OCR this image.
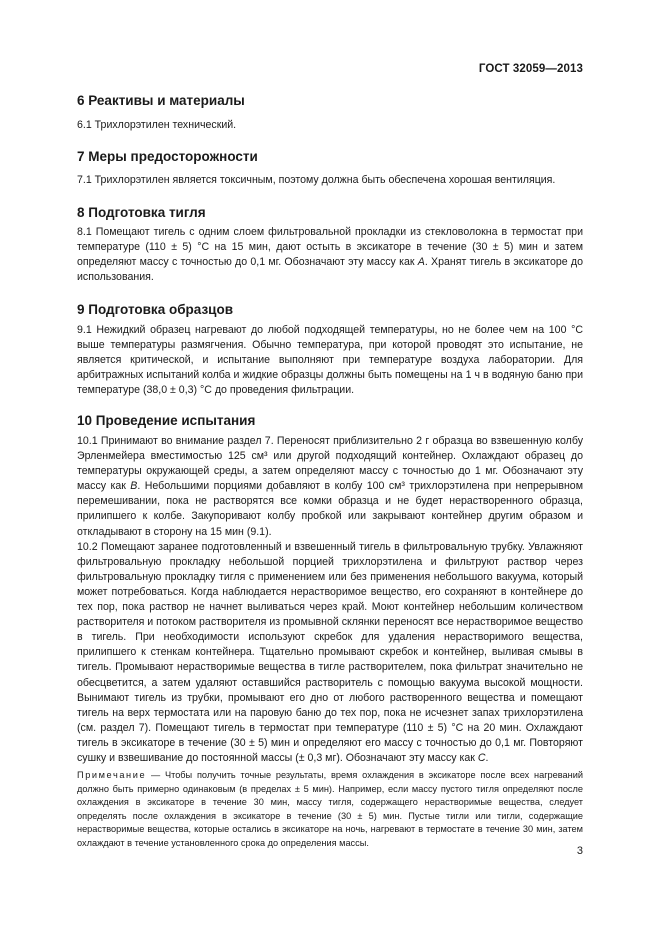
ГОСТ 32059—2013
6 Реактивы и материалы

6.1 Трихлорэтилен технический.

7 Меры предосторожности

7.1 Трихлорэтилен является токсичным, поэтому должна быть обеспечена хорошая вентиляция.

8 Подготовка тигля

8.1 Помещают тигель с одним слоем фильтровальной прокладки из стекловолокна в термостат при температуре (110 ± 5) °С на 15 мин, дают остыть в эксикаторе в течение (30 ± 5) мин и затем определяют массу с точностью до 0,1 мг. Обозначают эту массу как А. Хранят тигель в эксикаторе до использования.

9 Подготовка образцов

9.1 Нежидкий образец нагревают до любой подходящей температуры, но не более чем на 100 °С выше температуры размягчения. Обычно температура, при которой проводят это испытание, не является критической, и испытание выполняют при температуре воздуха лаборатории. Для арбитражных испытаний колба и жидкие образцы должны быть помещены на 1 ч в водяную баню при температуре (38,0 ± 0,3) °С до проведения фильтрации.

10 Проведение испытания

10.1 Принимают во внимание раздел 7. Переносят приблизительно 2 г образца во взвешенную колбу Эрленмейера вместимостью 125 см³ или другой подходящий контейнер. Охлаждают образец до температуры окружающей среды, а затем определяют массу с точностью до 1 мг. Обозначают эту массу как В. Небольшими порциями добавляют в колбу 100 см³ трихлорэтилена при непрерывном перемешивании, пока не растворятся все комки образца и не будет нерастворенного образца, прилипшего к колбе. Закупоривают колбу пробкой или закрывают контейнер другим образом и откладывают в сторону на 15 мин (9.1).

10.2 Помещают заранее подготовленный и взвешенный тигель в фильтровальную трубку. Увлажняют фильтровальную прокладку небольшой порцией трихлорэтилена и фильтруют раствор через фильтровальную прокладку тигля с применением или без применения небольшого вакуума, который может потребоваться. Когда наблюдается нерастворимое вещество, его сохраняют в контейнере до тех пор, пока раствор не начнет выливаться через край. Моют контейнер небольшим количеством растворителя и потоком растворителя из промывной склянки переносят все нерастворимое вещество в тигель. При необходимости используют скребок для удаления нерастворимого вещества, прилипшего к стенкам контейнера. Тщательно промывают скребок и контейнер, выливая смывы в тигель. Промывают нерастворимые вещества в тигле растворителем, пока фильтрат значительно не обесцветится, а затем удаляют оставшийся растворитель с помощью вакуума высокой мощности. Вынимают тигель из трубки, промывают его дно от любого растворенного вещества и помещают тигель на верх термостата или на паровую баню до тех пор, пока не исчезнет запах трихлорэтилена (см. раздел 7). Помещают тигель в термостат при температуре (110 ± 5) °С на 20 мин. Охлаждают тигель в эксикаторе в течение (30 ± 5) мин и определяют его массу с точностью до 0,1 мг. Повторяют сушку и взвешивание до постоянной массы (± 0,3 мг). Обозначают эту массу как С.

Примечание — Чтобы получить точные результаты, время охлаждения в эксикаторе после всех нагреваний должно быть примерно одинаковым (в пределах ± 5 мин). Например, если массу пустого тигля определяют после охлаждения в эксикаторе в течение 30 мин, массу тигля, содержащего нерастворимые вещества, следует определять после охлаждения в эксикаторе в течение (30 ± 5) мин. Пустые тигли или тигли, содержащие нерастворимые вещества, которые остались в эксикаторе на ночь, нагревают в термостате в течение 30 мин, затем охлаждают в течение установленного срока до определения массы.

3
